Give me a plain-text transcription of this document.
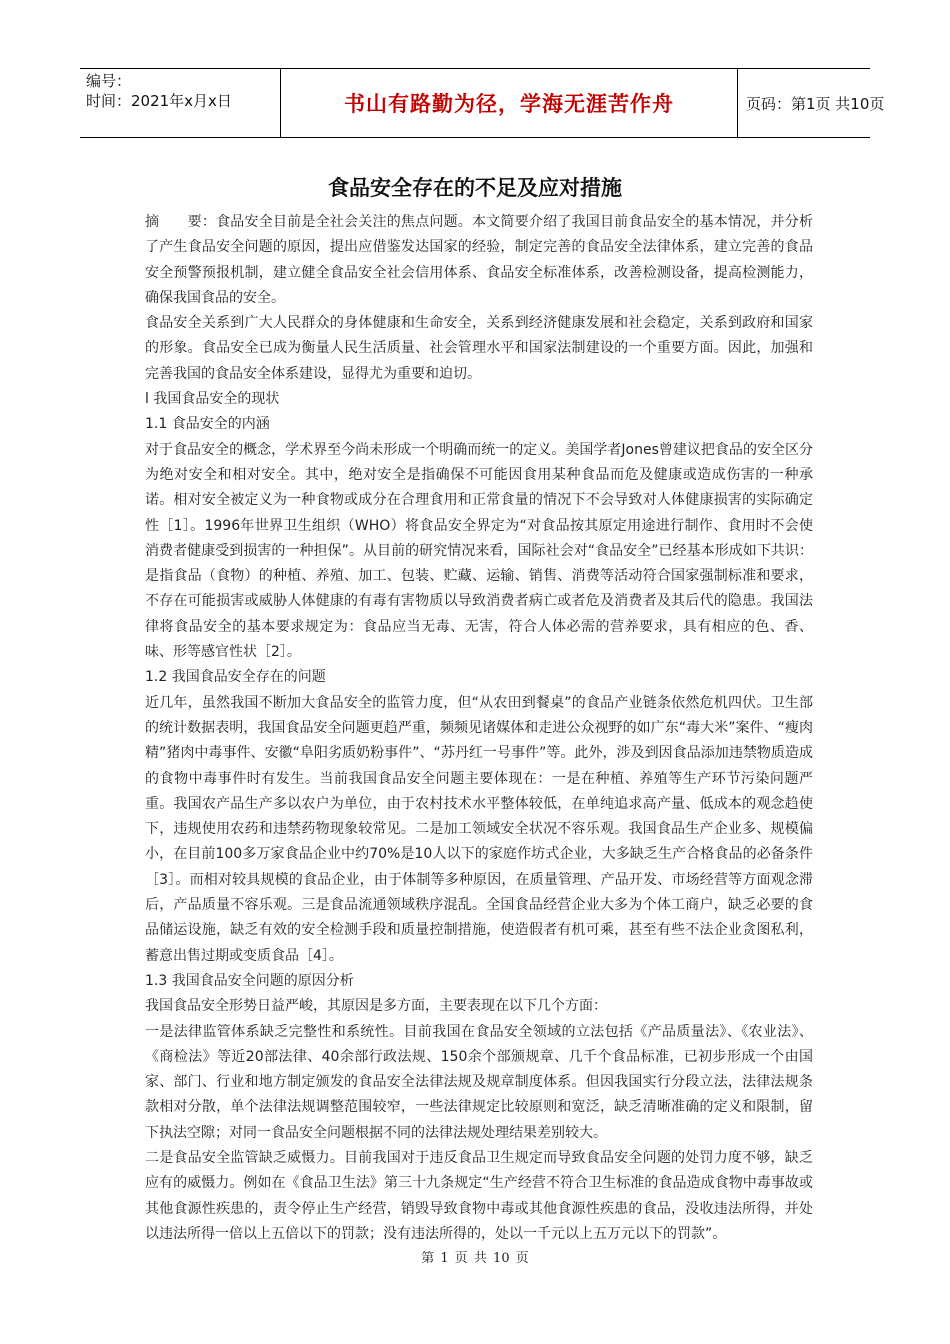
编号：
时间：2021年x月x日	书山有路勤为径，学海无涯苦作舟	页码：第1页 共10页
食品安全存在的不足及应对措施

摘　　要：食品安全目前是全社会关注的焦点问题。本文简要介绍了我国目前食品安全的基本情况，并分析了产生食品安全问题的原因，提出应借鉴发达国家的经验，制定完善的食品安全法律体系，建立完善的食品安全预警预报机制，建立健全食品安全社会信用体系、食品安全标准体系，改善检测设备，提高检测能力，确保我国食品的安全。

食品安全关系到广大人民群众的身体健康和生命安全，关系到经济健康发展和社会稳定，关系到政府和国家的形象。食品安全已成为衡量人民生活质量、社会管理水平和国家法制建设的一个重要方面。因此，加强和完善我国的食品安全体系建设，显得尤为重要和迫切。

l 我国食品安全的现状

1.1 食品安全的内涵

对于食品安全的概念，学术界至今尚未形成一个明确而统一的定义。美国学者Jones曾建议把食品的安全区分为绝对安全和相对安全。其中，绝对安全是指确保不可能因食用某种食品而危及健康或造成伤害的一种承诺。相对安全被定义为一种食物或成分在合理食用和正常食量的情况下不会导致对人体健康损害的实际确定性［1］。1996年世界卫生组织（WHO）将食品安全界定为“对食品按其原定用途进行制作、食用时不会使消费者健康受到损害的一种担保”。从目前的研究情况来看，国际社会对“食品安全”已经基本形成如下共识：是指食品（食物）的种植、养殖、加工、包装、贮藏、运输、销售、消费等活动符合国家强制标准和要求，不存在可能损害或威胁人体健康的有毒有害物质以导致消费者病亡或者危及消费者及其后代的隐患。我国法律将食品安全的基本要求规定为：食品应当无毒、无害，符合人体必需的营养要求，具有相应的色、香、味、形等感官性状［2］。

1.2 我国食品安全存在的问题

近几年，虽然我国不断加大食品安全的监管力度，但“从农田到餐桌”的食品产业链条依然危机四伏。卫生部的统计数据表明，我国食品安全问题更趋严重，频频见诸媒体和走进公众视野的如广东“毒大米”案件、“瘦肉精”猪肉中毒事件、安徽“阜阳劣质奶粉事件”、“苏丹红一号事件”等。此外，涉及到因食品添加违禁物质造成的食物中毒事件时有发生。当前我国食品安全问题主要体现在：一是在种植、养殖等生产环节污染问题严重。我国农产品生产多以农户为单位，由于农村技术水平整体较低，在单纯追求高产量、低成本的观念趋使下，违规使用农药和违禁药物现象较常见。二是加工领域安全状况不容乐观。我国食品生产企业多、规模偏小，在目前100多万家食品企业中约70%是10人以下的家庭作坊式企业，大多缺乏生产合格食品的必备条件［3］。而相对较具规模的食品企业，由于体制等多种原因，在质量管理、产品开发、市场经营等方面观念滞后，产品质量不容乐观。三是食品流通领域秩序混乱。全国食品经营企业大多为个体工商户，缺乏必要的食品储运设施，缺乏有效的安全检测手段和质量控制措施，使造假者有机可乘，甚至有些不法企业贪图私利，蓄意出售过期或变质食品［4］。

1.3 我国食品安全问题的原因分析

我国食品安全形势日益严峻，其原因是多方面，主要表现在以下几个方面：

一是法律监管体系缺乏完整性和系统性。目前我国在食品安全领域的立法包括《产品质量法》、《农业法》、《商检法》等近20部法律、40余部行政法规、150余个部颁规章、几千个食品标准，已初步形成一个由国家、部门、行业和地方制定颁发的食品安全法律法规及规章制度体系。但因我国实行分段立法，法律法规条款相对分散，单个法律法规调整范围较窄，一些法律规定比较原则和宽泛，缺乏清晰准确的定义和限制，留下执法空隙；对同一食品安全问题根据不同的法律法规处理结果差别较大。

二是食品安全监管缺乏威慑力。目前我国对于违反食品卫生规定而导致食品安全问题的处罚力度不够，缺乏应有的威慑力。例如在《食品卫生法》第三十九条规定“生产经营不符合卫生标准的食品造成食物中毒事故或其他食源性疾患的，责令停止生产经营，销毁导致食物中毒或其他食源性疾患的食品，没收违法所得，并处以违法所得一倍以上五倍以下的罚款；没有违法所得的，处以一千元以上五万元以下的罚款”。

第 1 页 共 10 页
